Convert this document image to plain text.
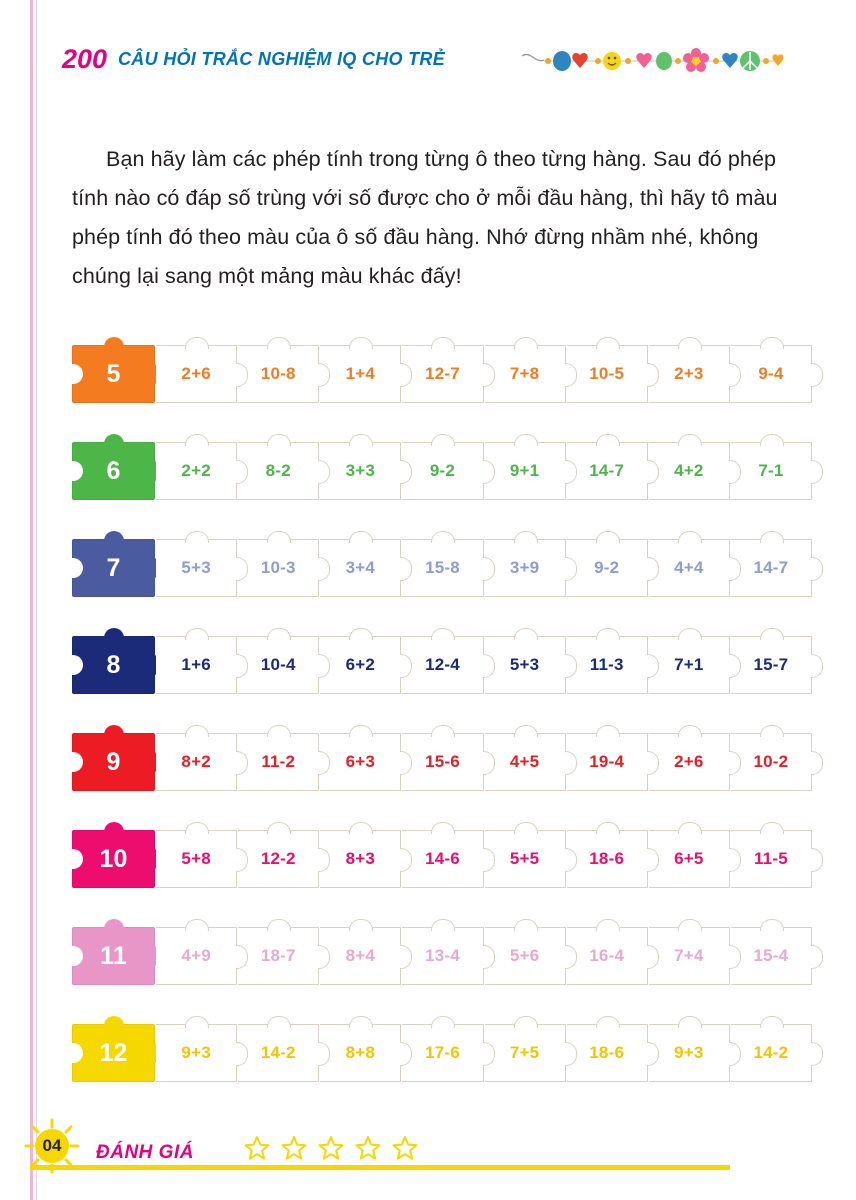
200 CÂU HỎI TRẮC NGHIỆM IQ CHO TRẺ

Bạn hãy làm các phép tính trong từng ô theo từng hàng. Sau đó phép tính nào có đáp số trùng với số được cho ở mỗi đầu hàng, thì hãy tô màu phép tính đó theo màu của ô số đầu hàng. Nhớ đừng nhầm nhé, không chúng lại sang một mảng màu khác đấy!

5	2+6	10-8	1+4	12-7	7+8	10-5	2+3	9-4
6	2+2	8-2	3+3	9-2	9+1	14-7	4+2	7-1
7	5+3	10-3	3+4	15-8	3+9	9-2	4+4	14-7
8	1+6	10-4	6+2	12-4	5+3	11-3	7+1	15-7
9	8+2	11-2	6+3	15-6	4+5	19-4	2+6	10-2
10	5+8	12-2	8+3	14-6	5+5	18-6	6+5	11-5
11	4+9	18-7	8+4	13-4	5+6	16-4	7+4	15-4
12	9+3	14-2	8+8	17-6	7+5	18-6	9+3	14-2
04	ĐÁNH GIÁ
